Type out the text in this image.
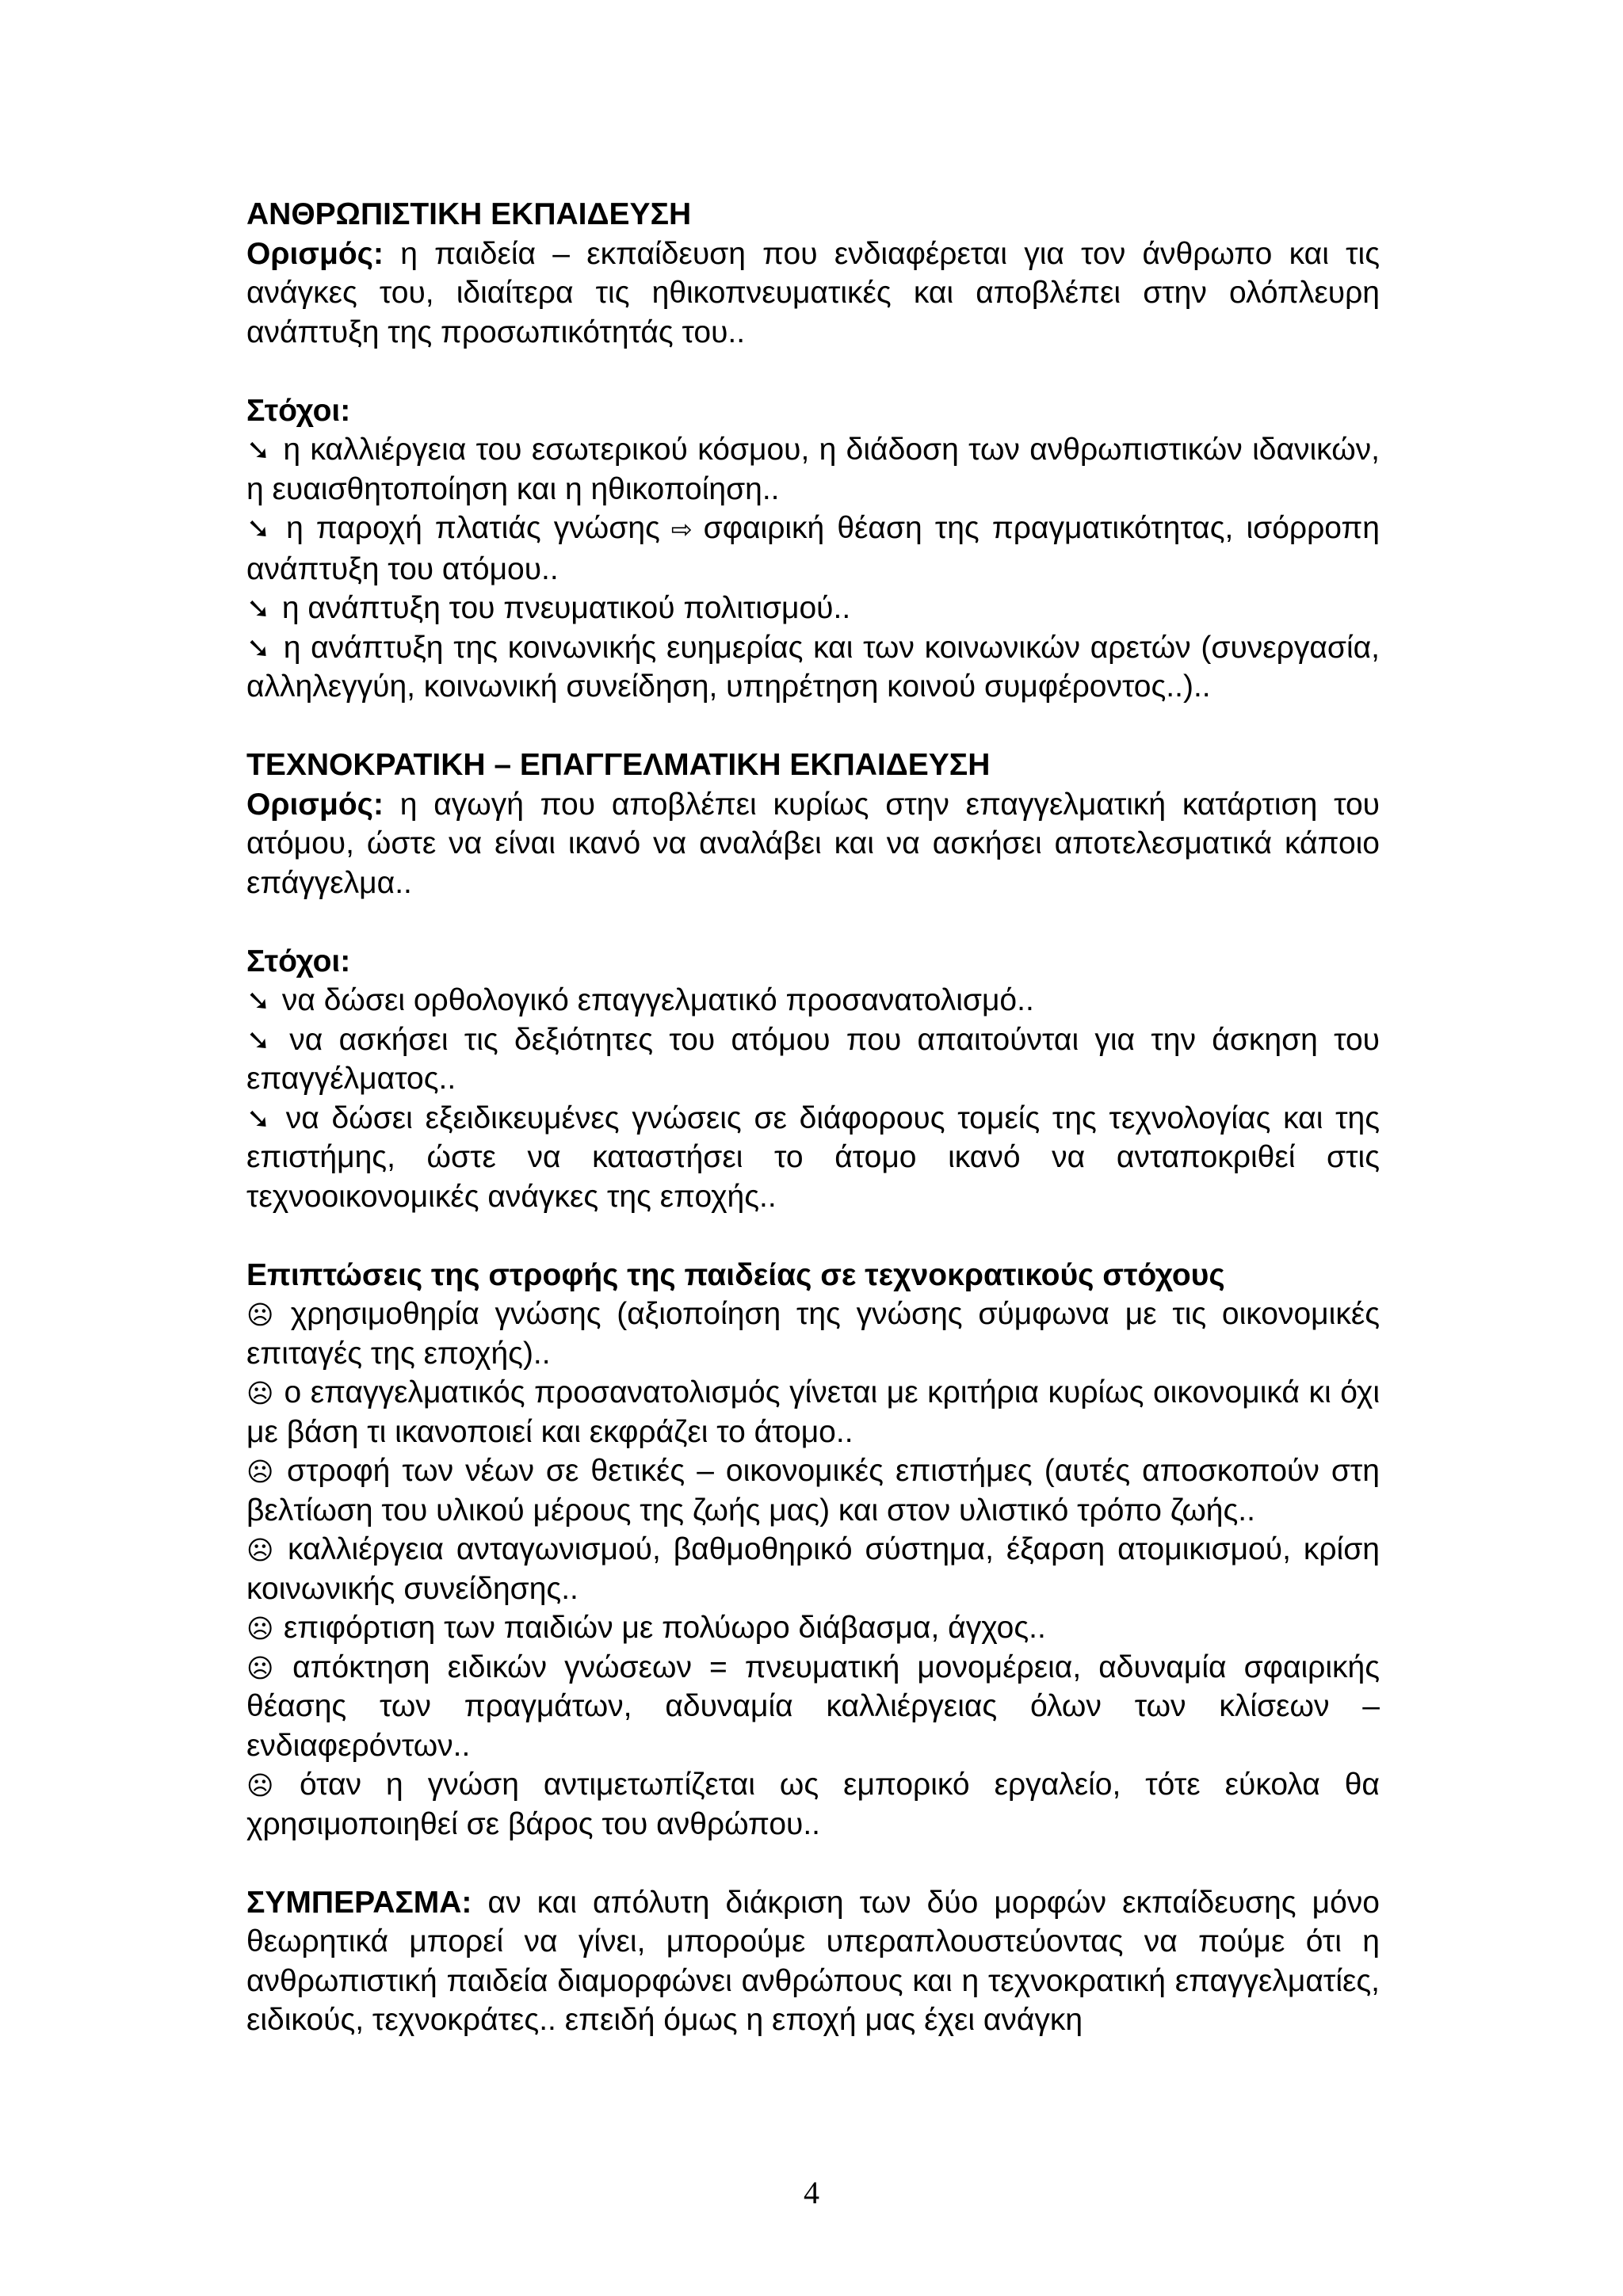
ΑΝΘΡΩΠΙΣΤΙΚΗ ΕΚΠΑΙΔΕΥΣΗ

Ορισμός: η παιδεία – εκπαίδευση που ενδιαφέρεται για τον άνθρωπο και τις ανάγκες του, ιδιαίτερα τις ηθικοπνευματικές και αποβλέπει στην ολόπλευρη ανάπτυξη της προσωπικότητάς του..

Στόχοι:

➘ η καλλιέργεια του εσωτερικού κόσμου, η διάδοση των ανθρωπιστικών ιδανικών, η ευαισθητοποίηση και η ηθικοποίηση..

➘ η παροχή πλατιάς γνώσης ⇨ σφαιρική θέαση της πραγματικότητας, ισόρροπη ανάπτυξη του ατόμου..

➘ η ανάπτυξη του πνευματικού πολιτισμού..

➘ η ανάπτυξη της κοινωνικής ευημερίας και των κοινωνικών αρετών (συνεργασία, αλληλεγγύη, κοινωνική συνείδηση, υπηρέτηση κοινού συμφέροντος..)..

ΤΕΧΝΟΚΡΑΤΙΚΗ – ΕΠΑΓΓΕΛΜΑΤΙΚΗ ΕΚΠΑΙΔΕΥΣΗ

Ορισμός: η αγωγή που αποβλέπει κυρίως στην επαγγελματική κατάρτιση του ατόμου, ώστε να είναι ικανό να αναλάβει και να ασκήσει αποτελεσματικά κάποιο επάγγελμα..

Στόχοι:

➘ να δώσει ορθολογικό επαγγελματικό προσανατολισμό..

➘ να ασκήσει τις δεξιότητες του ατόμου που απαιτούνται για την άσκηση του επαγγέλματος..

➘ να δώσει εξειδικευμένες γνώσεις σε διάφορους τομείς της τεχνολογίας και της επιστήμης, ώστε να καταστήσει το άτομο ικανό να ανταποκριθεί στις τεχνοοικονομικές ανάγκες της εποχής..

Επιπτώσεις της στροφής της παιδείας σε τεχνοκρατικούς στόχους

☹ χρησιμοθηρία γνώσης (αξιοποίηση της γνώσης σύμφωνα με τις οικονομικές επιταγές της εποχής)..

☹ ο επαγγελματικός προσανατολισμός γίνεται με κριτήρια κυρίως οικονομικά κι όχι με βάση τι ικανοποιεί και εκφράζει το άτομο..

☹ στροφή των νέων σε θετικές – οικονομικές επιστήμες (αυτές αποσκοπούν στη βελτίωση του υλικού μέρους της ζωής μας) και στον υλιστικό τρόπο ζωής..

☹ καλλιέργεια ανταγωνισμού, βαθμοθηρικό σύστημα, έξαρση ατομικισμού, κρίση κοινωνικής συνείδησης..

☹ επιφόρτιση των παιδιών με πολύωρο διάβασμα, άγχος..

☹ απόκτηση ειδικών γνώσεων = πνευματική μονομέρεια, αδυναμία σφαιρικής θέασης των πραγμάτων, αδυναμία καλλιέργειας όλων των κλίσεων – ενδιαφερόντων..

☹ όταν η γνώση αντιμετωπίζεται ως εμπορικό εργαλείο, τότε εύκολα θα χρησιμοποιηθεί σε βάρος του ανθρώπου..

ΣΥΜΠΕΡΑΣΜΑ: αν και απόλυτη διάκριση των δύο μορφών εκπαίδευσης μόνο θεωρητικά μπορεί να γίνει, μπορούμε υπεραπλουστεύοντας να πούμε ότι η ανθρωπιστική παιδεία διαμορφώνει ανθρώπους και η τεχνοκρατική επαγγελματίες, ειδικούς, τεχνοκράτες.. επειδή όμως η εποχή μας έχει ανάγκη

4
